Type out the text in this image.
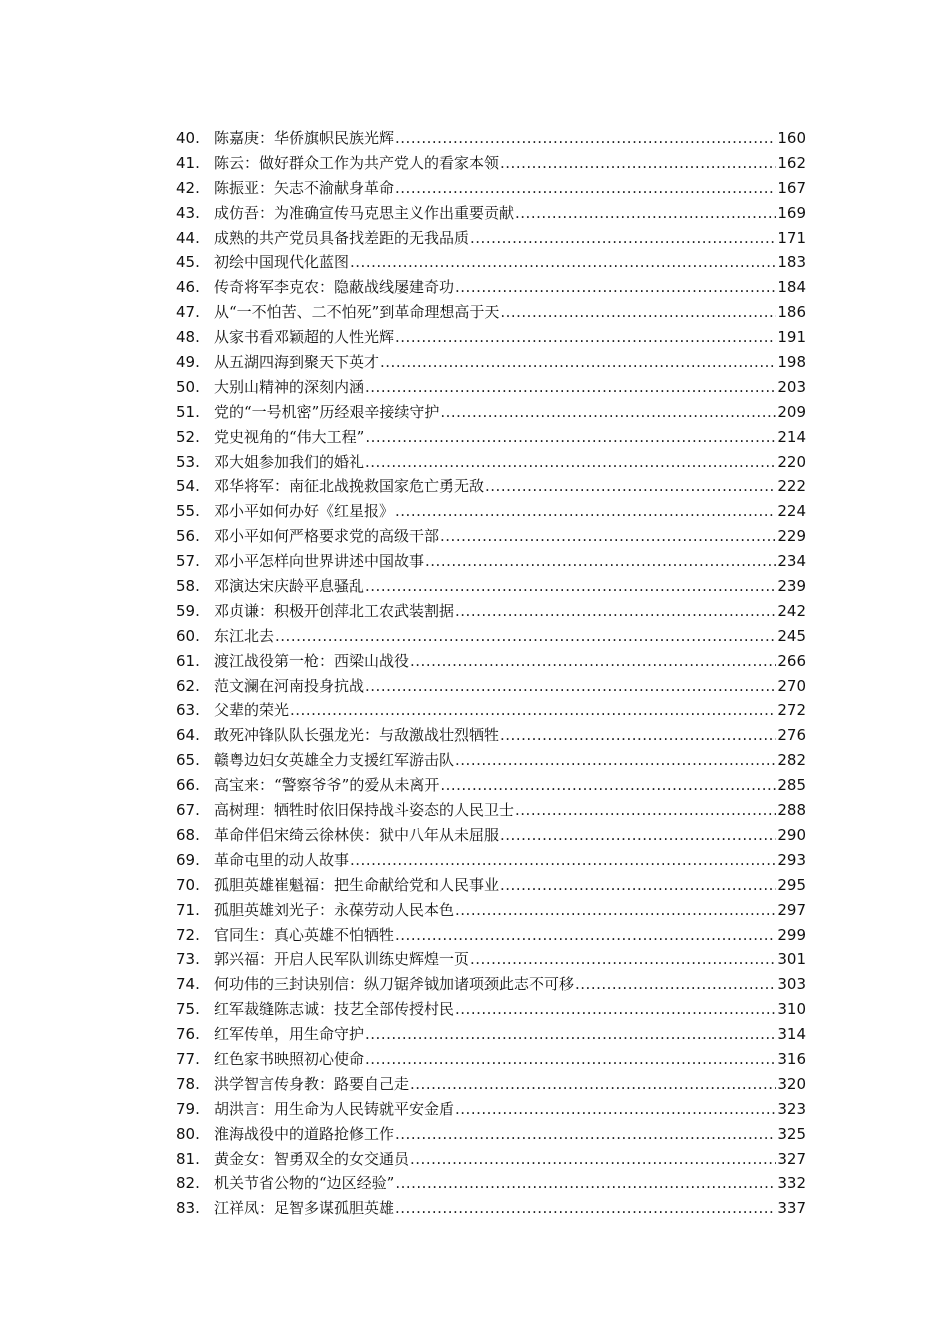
40. 陈嘉庚：华侨旗帜民族光辉 .....	160
41. 陈云：做好群众工作为共产党人的看家本领 .....	162
42. 陈振亚：矢志不渝献身革命 .....	167
43. 成仿吾：为准确宣传马克思主义作出重要贡献 .....	169
44. 成熟的共产党员具备找差距的无我品质 .....	171
45. 初绘中国现代化蓝图 .....	183
46. 传奇将军李克农：隐蔽战线屡建奇功 .....	184
47. 从“一不怕苦、二不怕死”到革命理想高于天 .....	186
48. 从家书看邓颖超的人性光辉 .....	191
49. 从五湖四海到聚天下英才 .....	198
50. 大别山精神的深刻内涵 .....	203
51. 党的“一号机密”历经艰辛接续守护 .....	209
52. 党史视角的“伟大工程” .....	214
53. 邓大姐参加我们的婚礼 .....	220
54. 邓华将军：南征北战挽救国家危亡勇无敌 .....	222
55. 邓小平如何办好《红星报》 .....	224
56. 邓小平如何严格要求党的高级干部 .....	229
57. 邓小平怎样向世界讲述中国故事 .....	234
58. 邓演达宋庆龄平息骚乱 .....	239
59. 邓贞谦：积极开创萍北工农武装割据 .....	242
60. 东江北去 .....	245
61. 渡江战役第一枪：西梁山战役 .....	266
62. 范文澜在河南投身抗战 .....	270
63. 父辈的荣光 .....	272
64. 敢死冲锋队队长强龙光：与敌激战壮烈牺牲 .....	276
65. 赣粤边妇女英雄全力支援红军游击队 .....	282
66. 高宝来：“警察爷爷”的爱从未离开 .....	285
67. 高树理：牺牲时依旧保持战斗姿态的人民卫士 .....	288
68. 革命伴侣宋绮云徐林侠：狱中八年从未屈服 .....	290
69. 革命屯里的动人故事 .....	293
70. 孤胆英雄崔魁福：把生命献给党和人民事业 .....	295
71. 孤胆英雄刘光子：永葆劳动人民本色 .....	297
72. 官同生：真心英雄不怕牺牲 .....	299
73. 郭兴福：开启人民军队训练史辉煌一页 .....	301
74. 何功伟的三封诀别信：纵刀锯斧钺加诸项颈此志不可移 .....	303
75. 红军裁缝陈志诚：技艺全部传授村民 .....	310
76. 红军传单，用生命守护 .....	314
77. 红色家书映照初心使命 .....	316
78. 洪学智言传身教：路要自己走 .....	320
79. 胡洪言：用生命为人民铸就平安金盾 .....	323
80. 淮海战役中的道路抢修工作 .....	325
81. 黄金女：智勇双全的女交通员 .....	327
82. 机关节省公物的“边区经验” .....	332
83. 江祥凤：足智多谋孤胆英雄 .....	337
